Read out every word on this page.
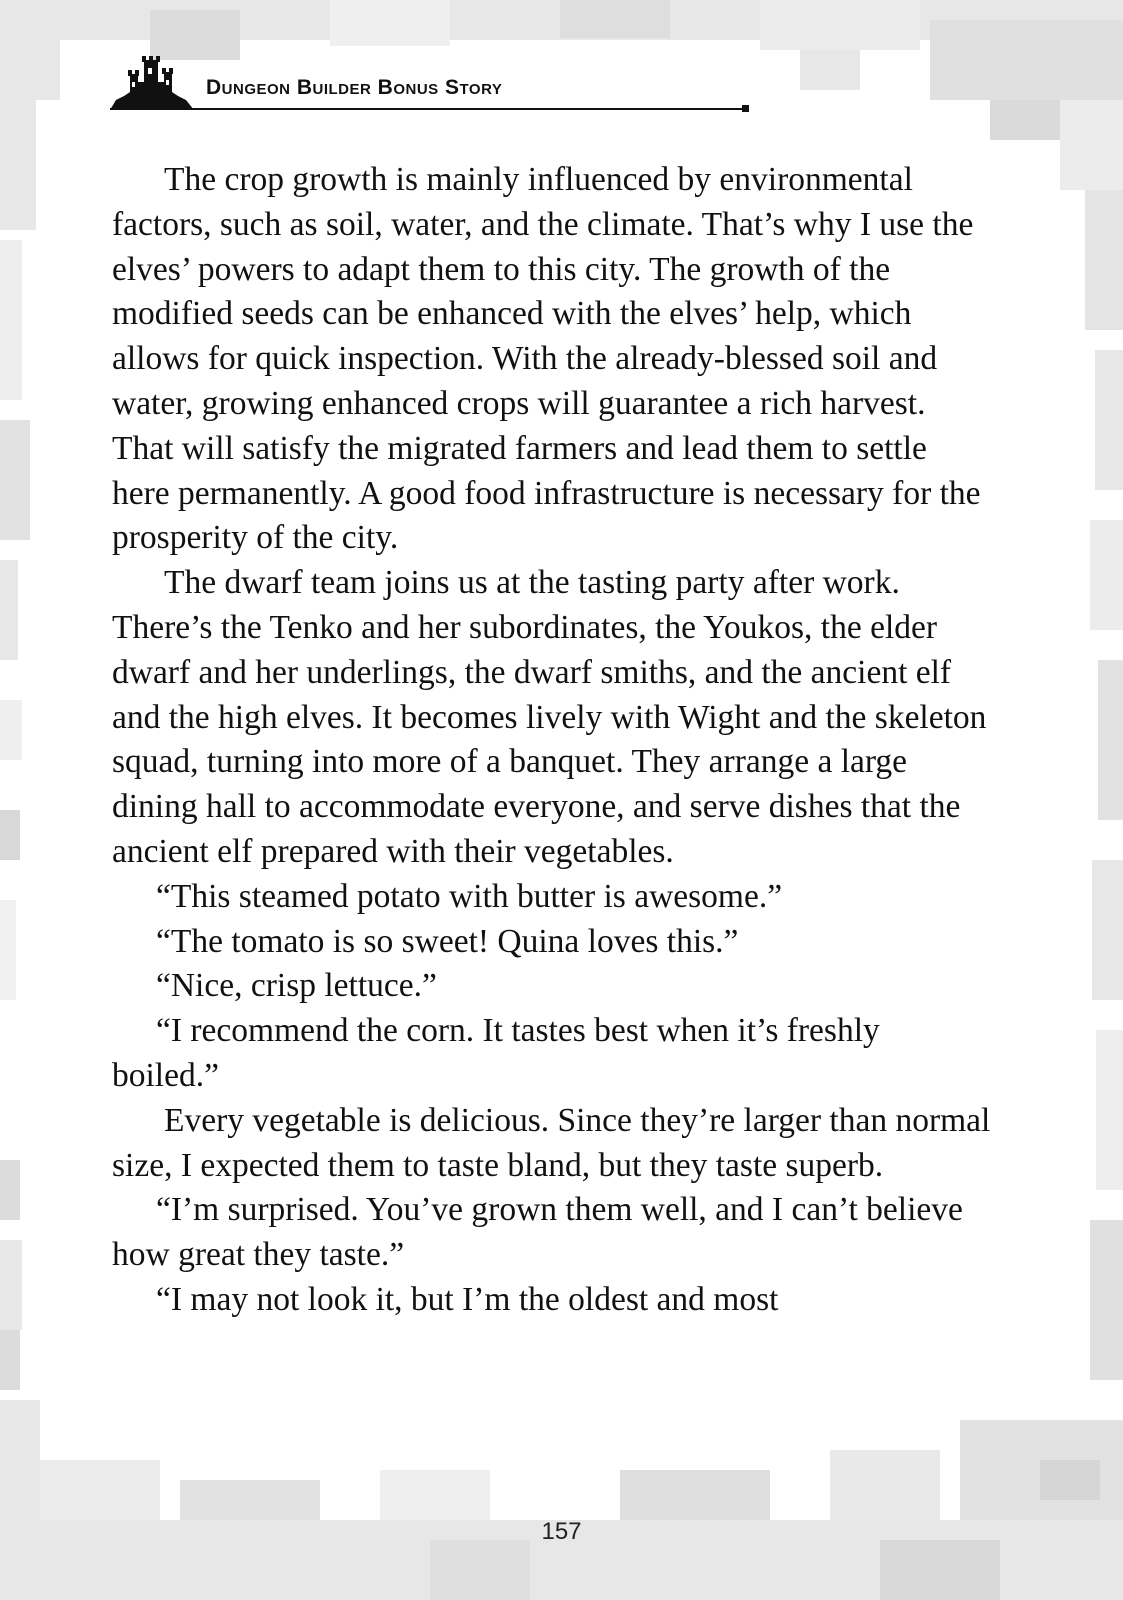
Dungeon Builder Bonus Story

The crop growth is mainly influenced by environmental factors, such as soil, water, and the climate. That’s why I use the elves’ powers to adapt them to this city. The growth of the modified seeds can be enhanced with the elves’ help, which allows for quick inspection. With the already-blessed soil and water, growing enhanced crops will guarantee a rich harvest. That will satisfy the migrated farmers and lead them to settle here permanently. A good food infrastructure is necessary for the prosperity of the city.

The dwarf team joins us at the tasting party after work. There’s the Tenko and her subordinates, the Youkos, the elder dwarf and her underlings, the dwarf smiths, and the ancient elf and the high elves. It becomes lively with Wight and the skeleton squad, turning into more of a banquet. They arrange a large dining hall to accommodate everyone, and serve dishes that the ancient elf prepared with their vegetables.

“This steamed potato with butter is awesome.”

“The tomato is so sweet! Quina loves this.”

“Nice, crisp lettuce.”

“I recommend the corn. It tastes best when it’s freshly boiled.”

Every vegetable is delicious. Since they’re larger than normal size, I expected them to taste bland, but they taste superb.

“I’m surprised. You’ve grown them well, and I can’t believe how great they taste.”

“I may not look it, but I’m the oldest and most

157
